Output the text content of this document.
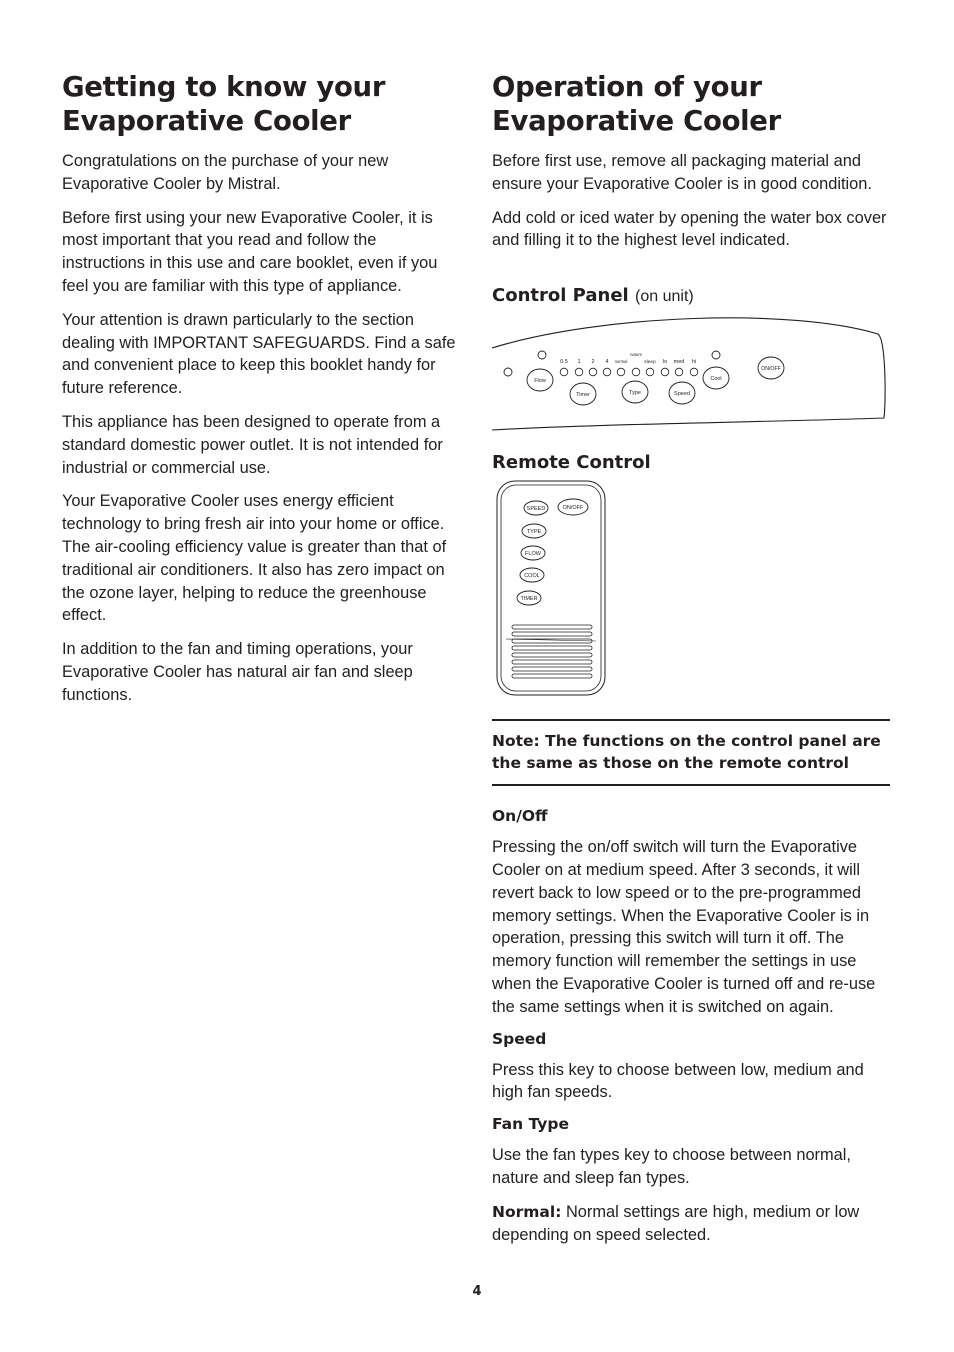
Getting to know your
Evaporative Cooler

Congratulations on the purchase of your new Evaporative Cooler by Mistral.

Before first using your new Evaporative Cooler, it is most important that you read and follow the instructions in this use and care booklet, even if you feel you are familiar with this type of appliance.

Your attention is drawn particularly to the section dealing with IMPORTANT SAFEGUARDS. Find a safe and convenient place to keep this booklet handy for future reference.

This appliance has been designed to operate from a standard domestic power outlet. It is not intended for industrial or commercial use.

Your Evaporative Cooler uses energy efficient technology to bring fresh air into your home or office. The air-cooling efficiency value is greater than that of traditional air conditioners. It also has zero impact on the ozone layer, helping to reduce the greenhouse effect.

In addition to the fan and timing operations, your Evaporative Cooler has natural air fan and sleep functions.

Operation of your
Evaporative Cooler

Before first use, remove all packaging material and ensure your Evaporative Cooler is in good condition.

Add cold or iced water by opening the water box cover and filling it to the highest level indicated.

Control Panel (on unit)
0.5 1 2 4 normal
nature
sleep lo med hi
Flow
Timer	Type	Speed
Cool
ON/OFF
Remote Control
SPEED	ON/OFF
TYPE
FLOW
COOL
TIMER
Note: The functions on the control panel are the same as those on the remote control
On/Off

Pressing the on/off switch will turn the Evaporative Cooler on at medium speed. After 3 seconds, it will revert back to low speed or to the pre-programmed memory settings. When the Evaporative Cooler is in operation, pressing this switch will turn it off. The memory function will remember the settings in use when the Evaporative Cooler is turned off and re-use the same settings when it is switched on again.

Speed

Press this key to choose between low, medium and high fan speeds.

Fan Type

Use the fan types key to choose between normal, nature and sleep fan types.

Normal: Normal settings are high, medium or low depending on speed selected.

4
